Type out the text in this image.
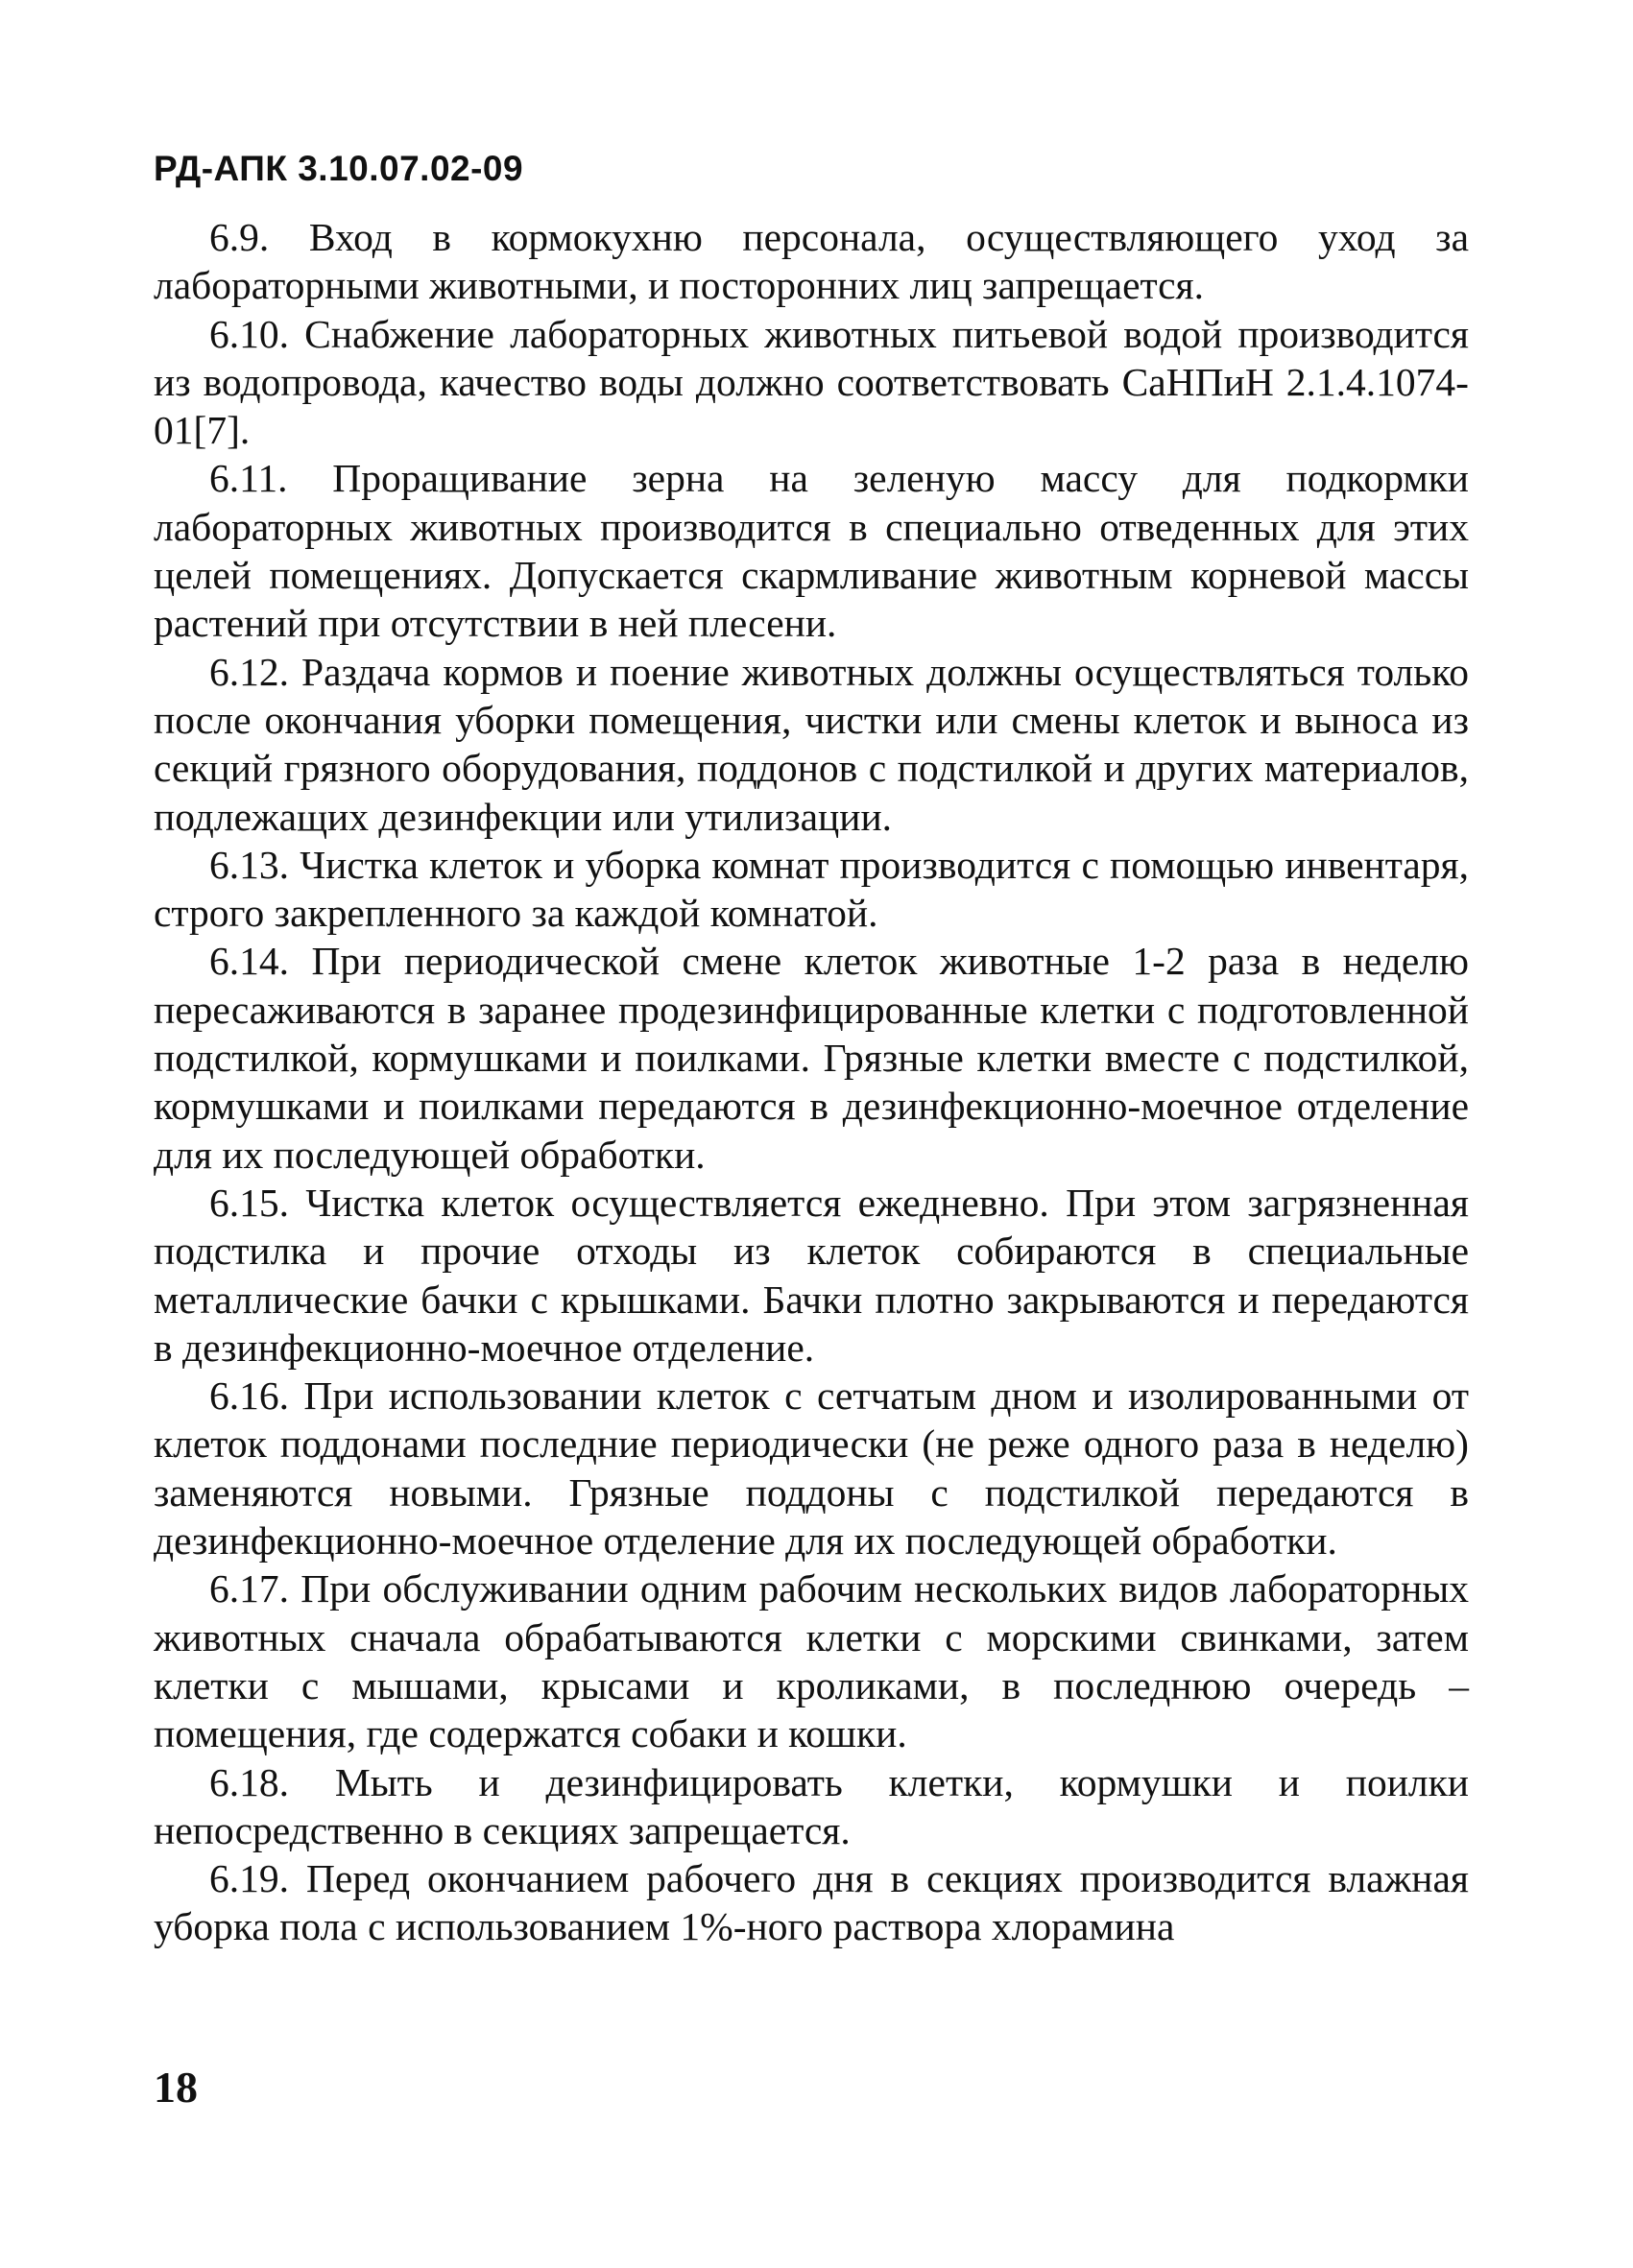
РД-АПК 3.10.07.02-09

6.9. Вход в кормокухню персонала, осуществляющего уход за лабораторными животными, и посторонних лиц запрещается.

6.10. Снабжение лабораторных животных питьевой водой производится из водопровода, качество воды должно соответствовать СаНПиН 2.1.4.1074-01[7].

6.11. Проращивание зерна на зеленую массу для подкормки лабораторных животных производится в специально отведенных для этих целей помещениях. Допускается скармливание животным корневой массы растений при отсутствии в ней плесени.

6.12. Раздача кормов и поение животных должны осуществляться только после окончания уборки помещения, чистки или смены клеток и выноса из секций грязного оборудования, поддонов с подстилкой и других материалов, подлежащих дезинфекции или утилизации.

6.13. Чистка клеток и уборка комнат производится с помощью инвентаря, строго закрепленного за каждой комнатой.

6.14. При периодической смене клеток животные 1-2 раза в неделю пересаживаются в заранее продезинфицированные клетки с подготовленной подстилкой, кормушками и поилками. Грязные клетки вместе с подстилкой, кормушками и поилками передаются в дезинфекционно-моечное отделение для их последующей обработки.

6.15. Чистка клеток осуществляется ежедневно. При этом загрязненная подстилка и прочие отходы из клеток собираются в специальные металлические бачки с крышками. Бачки плотно закрываются и передаются в дезинфекционно-моечное отделение.

6.16. При использовании клеток с сетчатым дном и изолированными от клеток поддонами последние периодически (не реже одного раза в неделю) заменяются новыми. Грязные поддоны с подстилкой передаются в дезинфекционно-моечное отделение для их последующей обработки.

6.17. При обслуживании одним рабочим нескольких видов лабораторных животных сначала обрабатываются клетки с морскими свинками, затем клетки с мышами, крысами и кроликами, в последнюю очередь – помещения, где содержатся собаки и кошки.

6.18. Мыть и дезинфицировать клетки, кормушки и поилки непосредственно в секциях запрещается.

6.19. Перед окончанием рабочего дня в секциях производится влажная уборка пола с использованием 1%-ного раствора хлорамина

18
